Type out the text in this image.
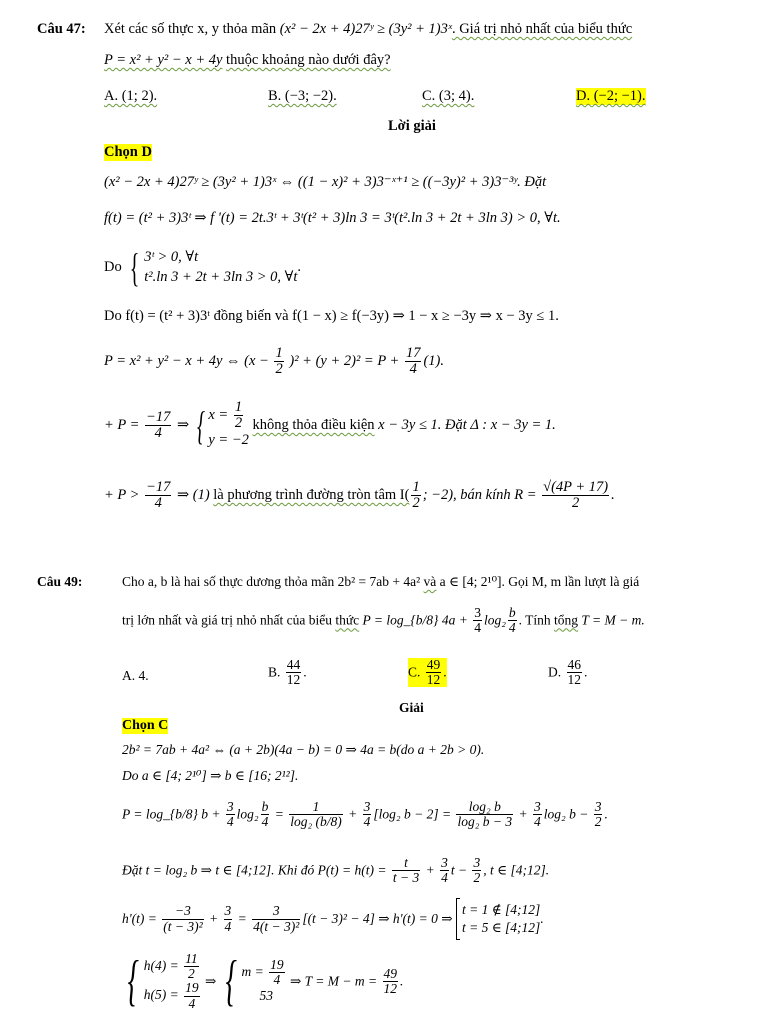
Câu 47: Xét các số thực x, y thỏa mãn (x² − 2x + 4)27ʸ ≥ (3y² + 1)3ˣ. Giá trị nhỏ nhất của biểu thức
P = x² + y² − x + 4y thuộc khoảng nào dưới đây?
A. (1; 2).	B. (−3; −2).	C. (3; 4).	D. (−2; −1).
Lời giải
Chọn D
(x² − 2x + 4)27ʸ ≥ (3y² + 1)3ˣ ⇔ ((1 − x)² + 3)3⁻ˣ⁺¹ ≥ ((−3y)² + 3)3⁻³ʸ. Đặt
f(t) = (t² + 3)3ᵗ ⇒ f '(t) = 2t.3ᵗ + 3ᵗ(t² + 3)ln 3 = 3ᵗ(t².ln 3 + 2t + 3ln 3) > 0, ∀t.
Do { 3ᵗ > 0, ∀t
t².ln 3 + 2t + 3ln 3 > 0, ∀t
.
Do f(t) = (t² + 3)3ᵗ đồng biến và f(1 − x) ≥ f(−3y) ⇒ 1 − x ≥ −3y ⇒ x − 3y ≤ 1.
P = x² + y² − x + 4y ⇔ $(x - \frac{1}{2} )^2 + (y + 2)^2 = P + \frac{17}{4} (1)$.
+ $P = \frac{-17}{4}$ ⇒ { $x = \frac{1}{2}$
y = −2
không thỏa điều kiện x − 3y ≤ 1. Đặt Δ : x − 3y = 1.
+ $P > \frac{-17}{4}$ ⇒ (1) là phương trình đường tròn tâm $I( \frac{1}{2}$ ; −2), bán kính $R = \frac{√(4P + 17)}{2}$ .
Câu 49:	Cho a, b là hai số thực dương thỏa mãn 2b² = 7ab + 4a² và a ∈ [4; 2¹⁰]. Gọi M, m lần lượt là giá
trị lớn nhất và giá trị nhỏ nhất của biểu thức P = log_{b/8} $4a + \frac{3}{4} \log_2 \frac{b}{4}$ . Tính tổng T = M − m.
A. 4.	B. $\frac{44}{12}$ .	C. $\frac{49}{12}$ .	D. $\frac{46}{12}$ .
Giải
Chọn C
2b² = 7ab + 4a² ⇔ (a + 2b)(4a − b) = 0 ⇒ 4a = b(do a + 2b > 0).
Do a ∈ [4; 2¹⁰] ⇒ b ∈ [16; 2¹²].
P = log_{b/8} $b + \frac{3}{4} \log_2 \frac{b}{4} = \frac{1}{\text{log₂ (b/8)}} + \frac{3}{4} [\log_2$ $b - 2] = \frac{\text{log₂ b}}{\text{log₂ b − 3}} + \frac{3}{4} \log_2$ $b - \frac{3}{2}$ .
Đặt t = log₂ b ⇒ t ∈ [4;12]. Khi đó $P(t) = h(t) = \frac{t}{t - 3} + \frac{3}{4}$ $t - \frac{3}{2}$ , t ∈ [4;12].
$h'(t) = \frac{-3}{\text{(t − 3)²}} + \frac{3}{4} = \frac{3}{\text{4(t − 3)²}} [(t - 3)^2 - 4]$ ⇒ h'(t) = 0 ⇒
t = 1 ∉ [4;12]
t = 5 ∈ [4;12]
.
{ $h(4) = \frac{11}{2}$
$h(5) = \frac{19}{4}$
⇒ { $m = \frac{19}{4}$
53
⇒ $T = M - m = \frac{49}{12}$ .
